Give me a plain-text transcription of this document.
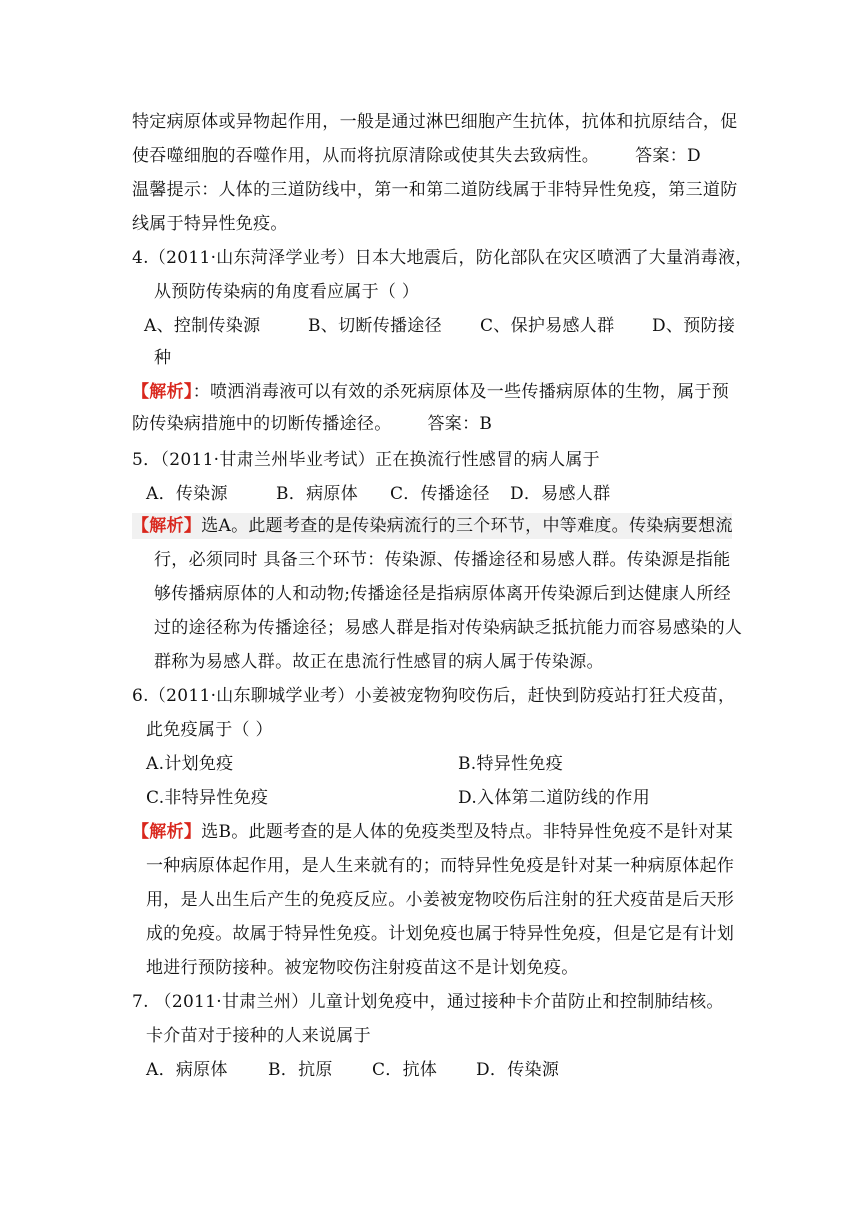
特定病原体或异物起作用，一般是通过淋巴细胞产生抗体，抗体和抗原结合，促
使吞噬细胞的吞噬作用，从而将抗原清除或使其失去致病性。 答案：D
温馨提示：人体的三道防线中，第一和第二道防线属于非特异性免疫，第三道防
线属于特异性免疫。
4.（2011·山东菏泽学业考）日本大地震后，防化部队在灾区喷洒了大量消毒液，
从预防传染病的角度看应属于（ ）
A、控制传染源	B、切断传播途径 C、保护易感人群 D、预防接
种
【解析】：喷洒消毒液可以有效的杀死病原体及一些传播病原体的生物，属于预
防传染病措施中的切断传播途径。 答案：B
5．（2011·甘肃兰州毕业考试）正在换流行性感冒的病人属于
A．传染源	B．病原体 C．传播途径 D．易感人群
【解析】选A。此题考查的是传染病流行的三个环节，中等难度。传染病要想流
行，必须同时 具备三个环节：传染源、传播途径和易感人群。传染源是指能
够传播病原体的人和动物;传播途径是指病原体离开传染源后到达健康人所经
过的途径称为传播途径；易感人群是指对传染病缺乏抵抗能力而容易感染的人
群称为易感人群。故正在患流行性感冒的病人属于传染源。
6.（2011·山东聊城学业考）小姜被宠物狗咬伤后，赶快到防疫站打狂犬疫苗，
此免疫属于（ ）
A.计划免疫	B.特异性免疫
C.非特异性免疫	D.入体第二道防线的作用
【解析】选B。此题考查的是人体的免疫类型及特点。非特异性免疫不是针对某
一种病原体起作用，是人生来就有的；而特异性免疫是针对某一种病原体起作
用，是人出生后产生的免疫反应。小姜被宠物咬伤后注射的狂犬疫苗是后天形
成的免疫。故属于特异性免疫。计划免疫也属于特异性免疫，但是它是有计划
地进行预防接种。被宠物咬伤注射疫苗这不是计划免疫。
7. （2011·甘肃兰州）儿童计划免疫中，通过接种卡介苗防止和控制肺结核。
卡介苗对于接种的人来说属于
A．病原体 B．抗原 C．抗体 D．传染源
